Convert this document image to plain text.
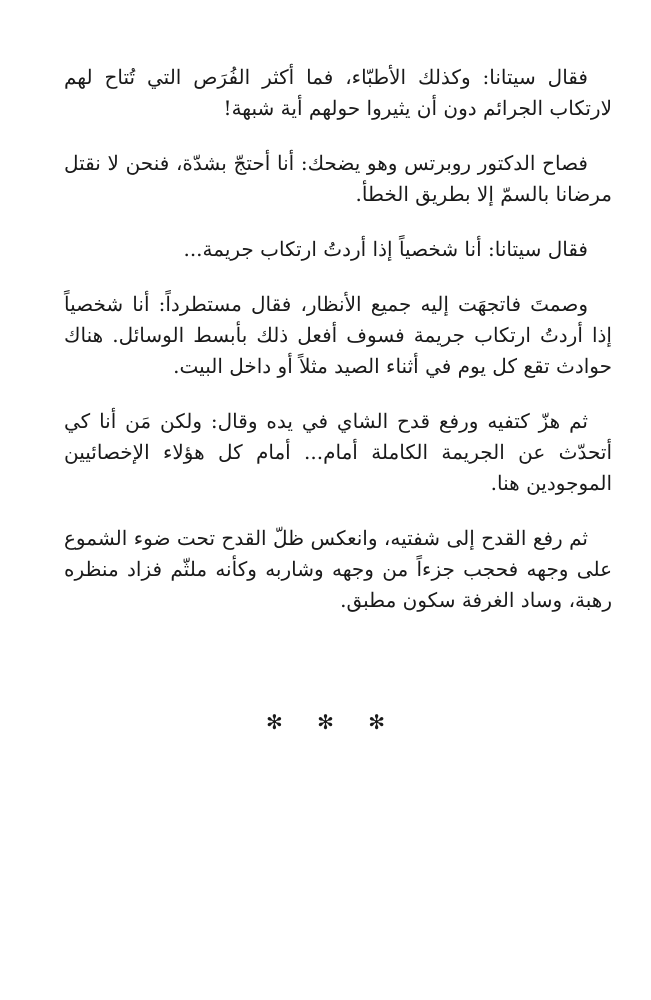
فقال سيتانا: وكذلك الأطبّاء، فما أكثر الفُرَص التي تُتاح لهم لارتكاب الجرائم دون أن يثيروا حولهم أية شبهة!

فصاح الدكتور روبرتس وهو يضحك: أنا أحتجّ بشدّة، فنحن لا نقتل مرضانا بالسمّ إلا بطريق الخطأ.

فقال سيتانا: أنا شخصياً إذا أردتُ ارتكاب جريمة...

وصمتَ فاتجهَت إليه جميع الأنظار، فقال مستطرداً: أنا شخصياً إذا أردتُ ارتكاب جريمة فسوف أفعل ذلك بأبسط الوسائل. هناك حوادث تقع كل يوم في أثناء الصيد مثلاً أو داخل البيت.

ثم هزّ كتفيه ورفع قدح الشاي في يده وقال: ولكن مَن أنا كي أتحدّث عن الجريمة الكاملة أمام... أمام كل هؤلاء الإخصائيين الموجودين هنا.

ثم رفع القدح إلى شفتيه، وانعكس ظلّ القدح تحت ضوء الشموع على وجهه فحجب جزءاً من وجهه وشاربه وكأنه ملثّم فزاد منظره رهبة، وساد الغرفة سكون مطبق.

✻ ✻ ✻
